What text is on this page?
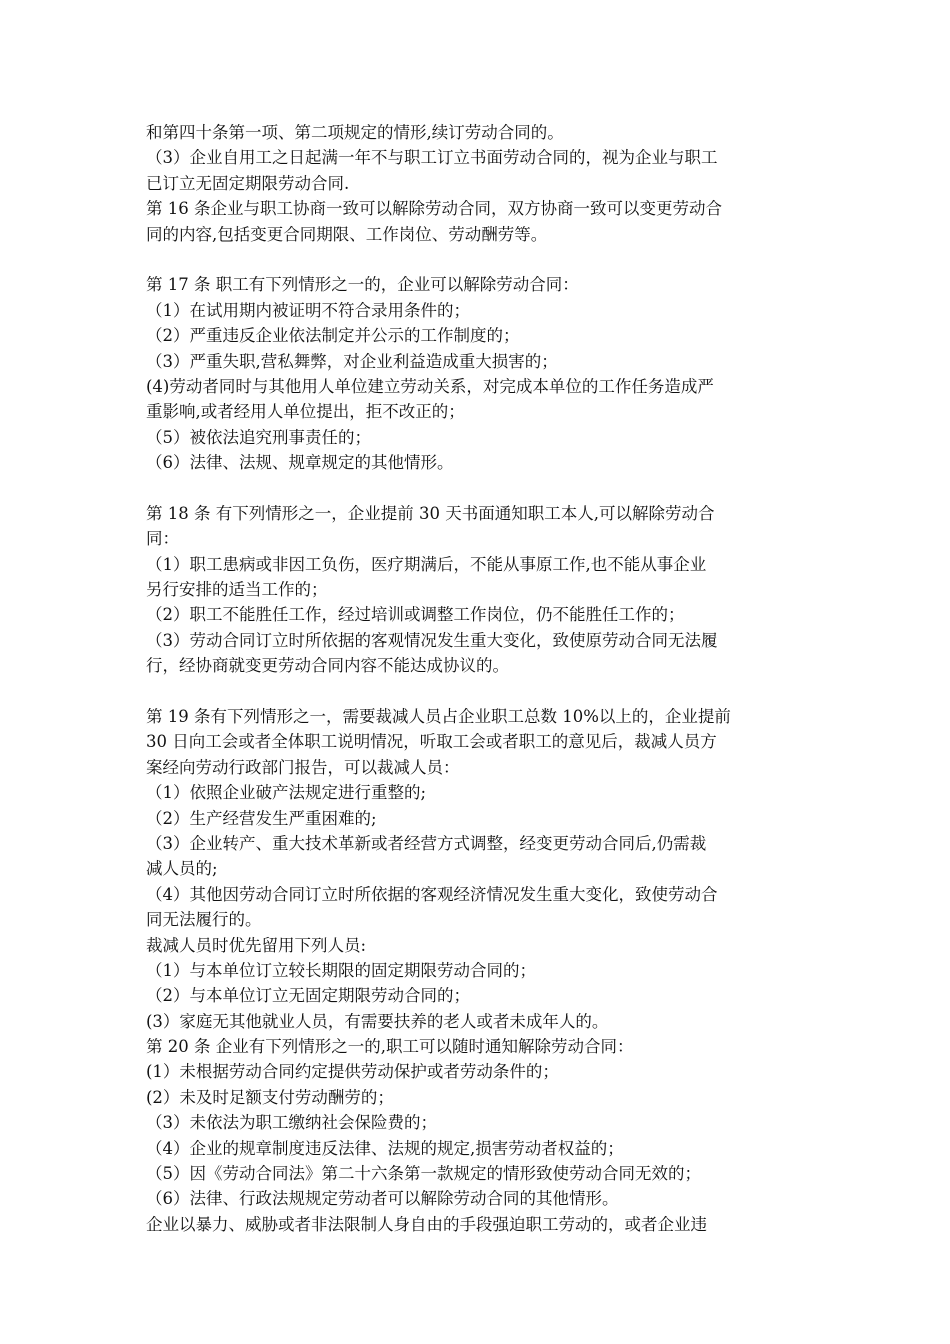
和第四十条第一项、第二项规定的情形,续订劳动合同的。
（3）企业自用工之日起满一年不与职工订立书面劳动合同的，视为企业与职工
已订立无固定期限劳动合同.
第 16 条企业与职工协商一致可以解除劳动合同，双方协商一致可以变更劳动合
同的内容,包括变更合同期限、工作岗位、劳动酬劳等。
第 17 条 职工有下列情形之一的，企业可以解除劳动合同：
（1）在试用期内被证明不符合录用条件的；
（2）严重违反企业依法制定并公示的工作制度的；
（3）严重失职,营私舞弊，对企业利益造成重大损害的；
(4)劳动者同时与其他用人单位建立劳动关系，对完成本单位的工作任务造成严
重影响,或者经用人单位提出，拒不改正的；
（5）被依法追究刑事责任的；
（6）法律、法规、规章规定的其他情形。
第 18 条 有下列情形之一，企业提前 30 天书面通知职工本人,可以解除劳动合
同：
（1）职工患病或非因工负伤，医疗期满后，不能从事原工作,也不能从事企业
另行安排的适当工作的；
（2）职工不能胜任工作，经过培训或调整工作岗位，仍不能胜任工作的；
（3）劳动合同订立时所依据的客观情况发生重大变化，致使原劳动合同无法履
行，经协商就变更劳动合同内容不能达成协议的。
第 19 条有下列情形之一，需要裁减人员占企业职工总数 10%以上的，企业提前
30 日向工会或者全体职工说明情况，听取工会或者职工的意见后，裁减人员方
案经向劳动行政部门报告，可以裁减人员：
（1）依照企业破产法规定进行重整的;
（2）生产经营发生严重困难的;
（3）企业转产、重大技术革新或者经营方式调整，经变更劳动合同后,仍需裁
减人员的;
（4）其他因劳动合同订立时所依据的客观经济情况发生重大变化，致使劳动合
同无法履行的。
裁减人员时优先留用下列人员:
（1）与本单位订立较长期限的固定期限劳动合同的；
（2）与本单位订立无固定期限劳动合同的；
(3）家庭无其他就业人员，有需要扶养的老人或者未成年人的。
第 20 条 企业有下列情形之一的,职工可以随时通知解除劳动合同：
(1）未根据劳动合同约定提供劳动保护或者劳动条件的；
(2）未及时足额支付劳动酬劳的；
（3）未依法为职工缴纳社会保险费的；
（4）企业的规章制度违反法律、法规的规定,损害劳动者权益的；
（5）因《劳动合同法》第二十六条第一款规定的情形致使劳动合同无效的；
（6）法律、行政法规规定劳动者可以解除劳动合同的其他情形。
企业以暴力、威胁或者非法限制人身自由的手段强迫职工劳动的，或者企业违
